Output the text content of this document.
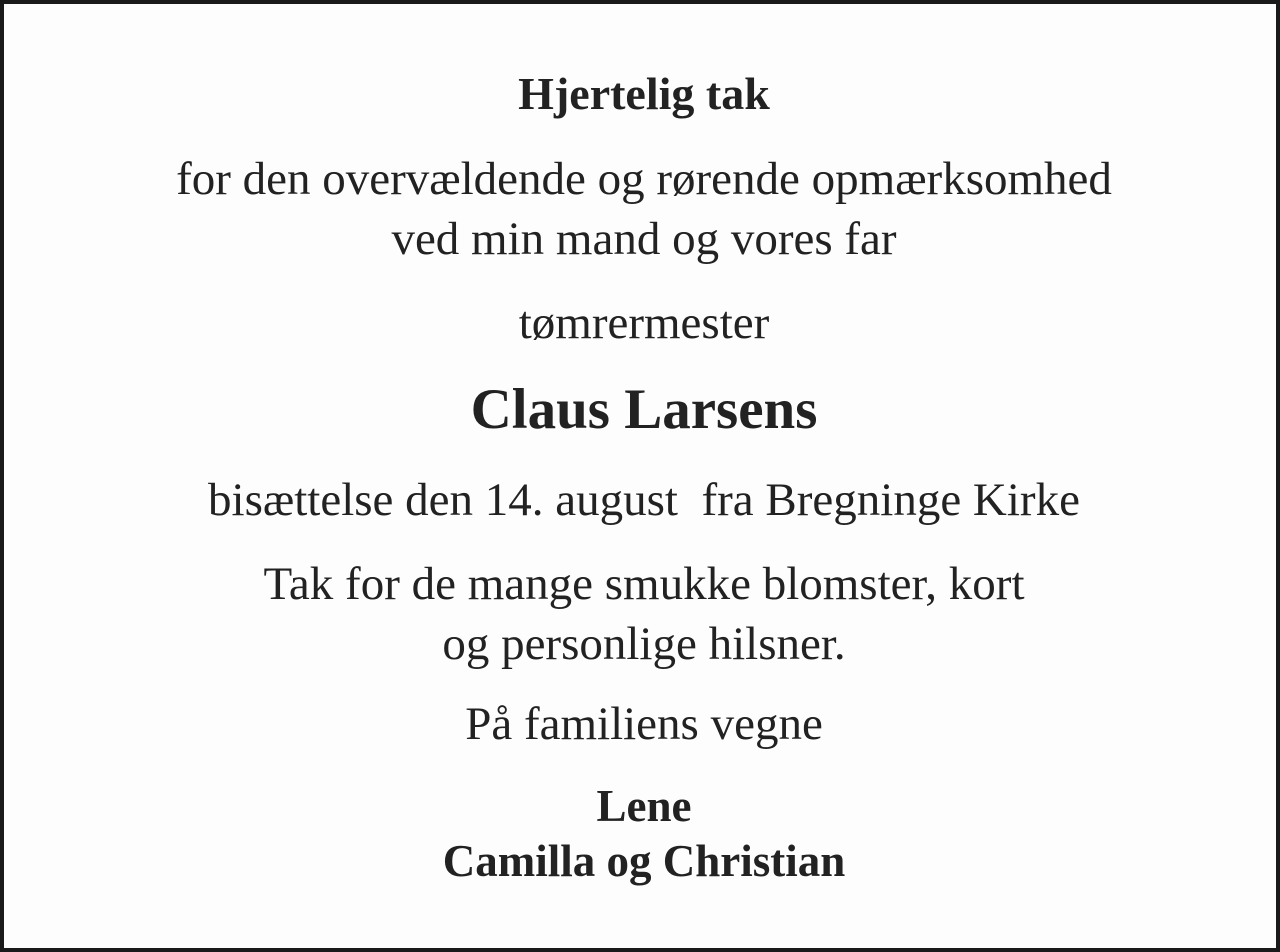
Hjertelig tak
for den overvældende og rørende opmærksomhed
ved min mand og vores far
tømrermester
Claus Larsens
bisættelse den 14. august  fra Bregninge Kirke
Tak for de mange smukke blomster, kort
og personlige hilsner.
På familiens vegne
Lene
Camilla og Christian
